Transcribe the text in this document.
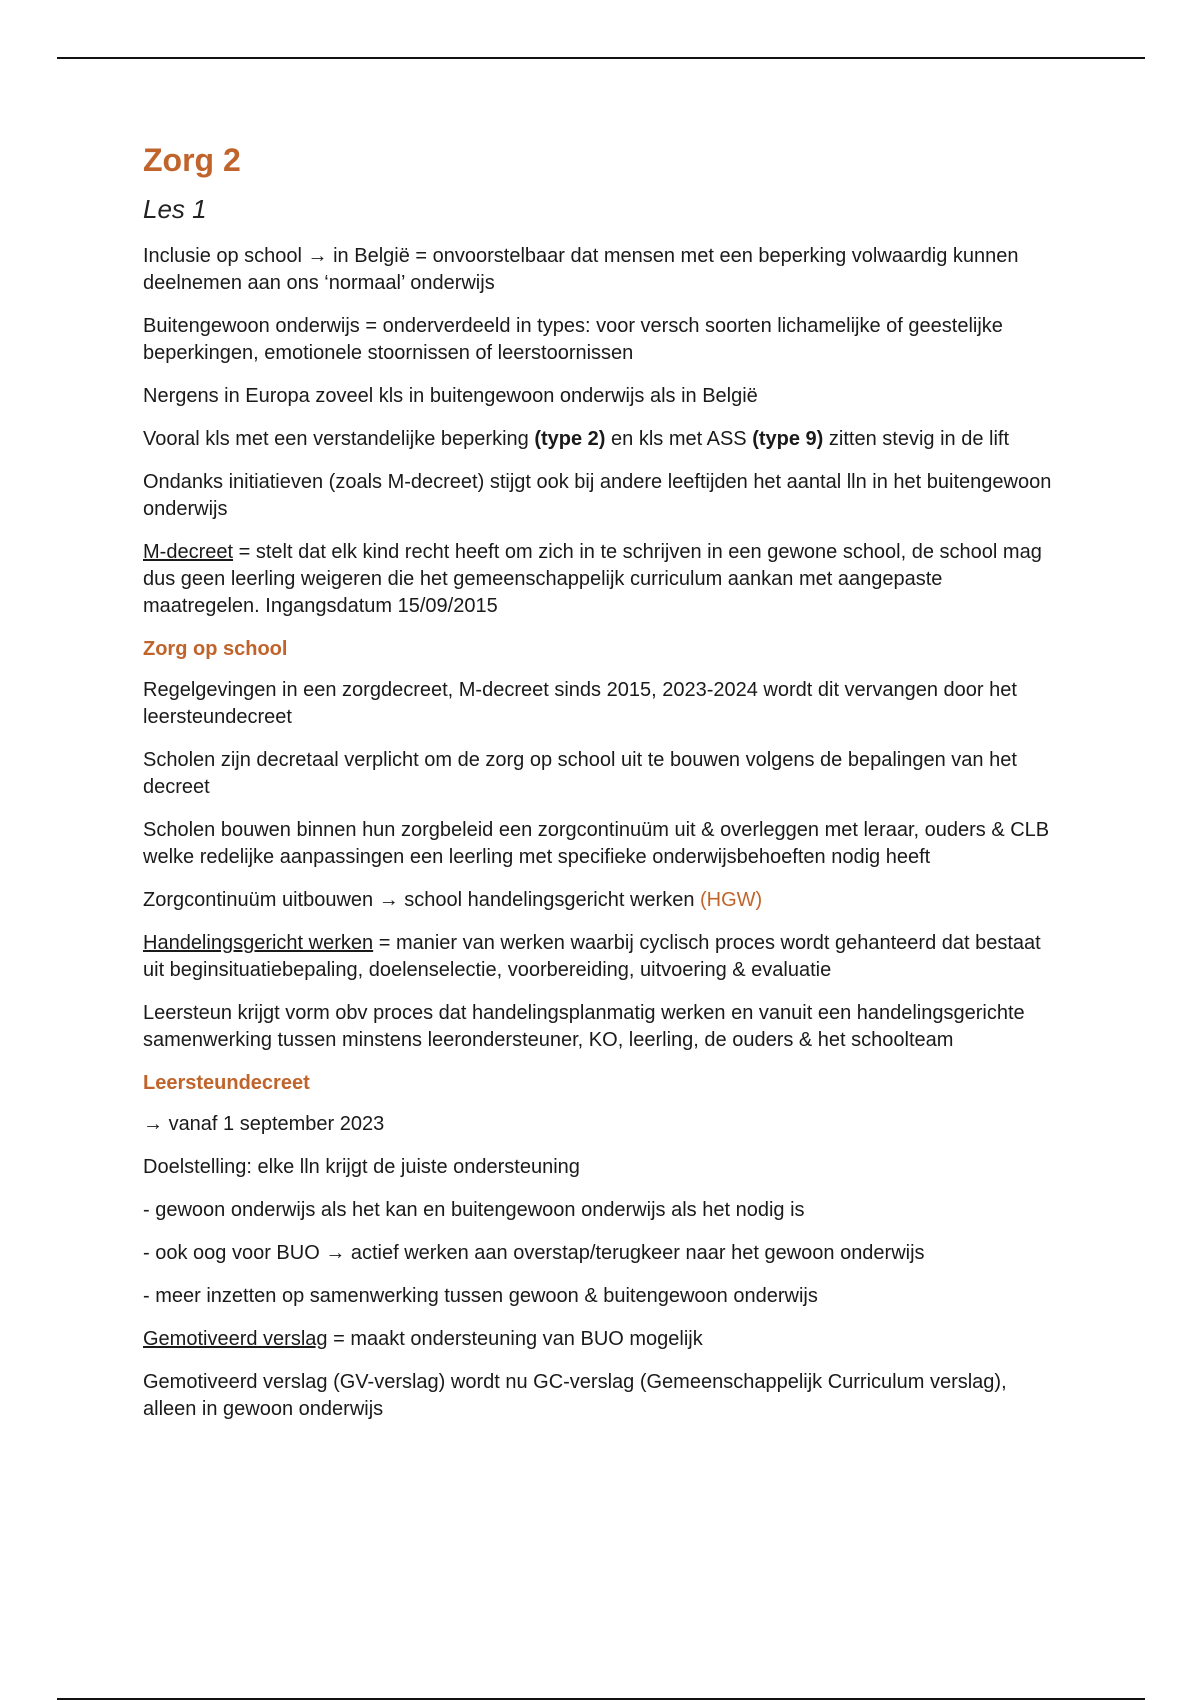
Zorg 2
Les 1

Inclusie op school → in België = onvoorstelbaar dat mensen met een beperking volwaardig kunnen deelnemen aan ons ‘normaal’ onderwijs

Buitengewoon onderwijs = onderverdeeld in types: voor versch soorten lichamelijke of geestelijke beperkingen, emotionele stoornissen of leerstoornissen

Nergens in Europa zoveel kls in buitengewoon onderwijs als in België

Vooral kls met een verstandelijke beperking (type 2) en kls met ASS (type 9) zitten stevig in de lift

Ondanks initiatieven (zoals M-decreet) stijgt ook bij andere leeftijden het aantal lln in het buitengewoon onderwijs

M-decreet = stelt dat elk kind recht heeft om zich in te schrijven in een gewone school, de school mag dus geen leerling weigeren die het gemeenschappelijk curriculum aankan met aangepaste maatregelen. Ingangsdatum 15/09/2015

Zorg op school

Regelgevingen in een zorgdecreet, M-decreet sinds 2015, 2023-2024 wordt dit vervangen door het leersteundecreet

Scholen zijn decretaal verplicht om de zorg op school uit te bouwen volgens de bepalingen van het decreet

Scholen bouwen binnen hun zorgbeleid een zorgcontinuüm uit & overleggen met leraar, ouders & CLB welke redelijke aanpassingen een leerling met specifieke onderwijsbehoeften nodig heeft

Zorgcontinuüm uitbouwen → school handelingsgericht werken (HGW)

Handelingsgericht werken = manier van werken waarbij cyclisch proces wordt gehanteerd dat bestaat uit beginsituatiebepaling, doelenselectie, voorbereiding, uitvoering & evaluatie

Leersteun krijgt vorm obv proces dat handelingsplanmatig werken en vanuit een handelingsgerichte samenwerking tussen minstens leerondersteuner, KO, leerling, de ouders & het schoolteam

Leersteundecreet

→ vanaf 1 september 2023

Doelstelling: elke lln krijgt de juiste ondersteuning

- gewoon onderwijs als het kan en buitengewoon onderwijs als het nodig is

- ook oog voor BUO → actief werken aan overstap/terugkeer naar het gewoon onderwijs

- meer inzetten op samenwerking tussen gewoon & buitengewoon onderwijs

Gemotiveerd verslag = maakt ondersteuning van BUO mogelijk

Gemotiveerd verslag (GV-verslag) wordt nu GC-verslag (Gemeenschappelijk Curriculum verslag), alleen in gewoon onderwijs
